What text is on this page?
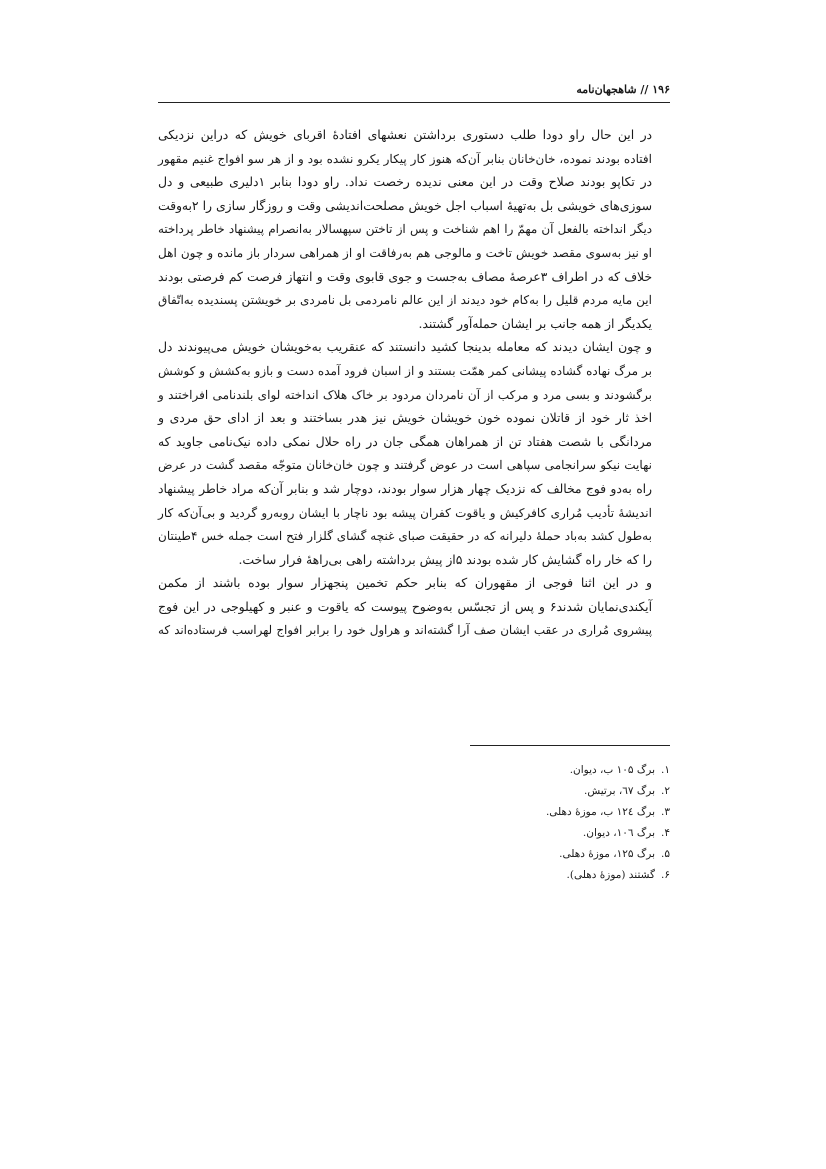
۱۹۶ // شاهجهان‌نامه
در این حال راو دودا طلب دستوری برداشتن نعشهای افتادهٔ اقربای خویش که دراین نزدیکی
افتاده بودند نموده، خان‌خانان بنابر آن‌که هنوز کار پیکار یکرو نشده بود و از هر سو افواج غنیم مقهور
در تکاپو بودند صلاح وقت در این معنی ندیده رخصت نداد. راو دودا بنابر ۱دلیری طبیعی و دل
سوزی‌های خویشی بل به‌تهیهٔ اسباب اجل خویش مصلحت‌اندیشی وقت و روزگار سازی را ۲به‌وقت
دیگر انداخته بالفعل آن مهمّ را اهم شناخت و پس از تاختن سپهسالار به‌انصرام پیشنهاد خاطر پرداخته
او نیز به‌سوی مقصد خویش تاخت و مالوجی هم به‌رفاقت او از همراهی سردار باز مانده و چون اهل
خلاف که در اطراف ۳عرصهٔ مصاف به‌جست و جوی قابوی وقت و انتهاز فرصت کم فرصتی بودند
این مایه مردم قلیل را به‌کام خود دیدند از این عالم نامردمی بل نامردی بر خویشتن پسندیده به‌اتّفاق
یکدیگر از همه جانب بر ایشان حمله‌آور گشتند.
و چون ایشان دیدند که معامله بدینجا کشید دانستند که عنقریب به‌خویشان خویش می‌پیوندند دل
بر مرگ نهاده گشاده پیشانی کمر همّت بستند و از اسبان فرود آمده دست و بازو به‌کشش و کوشش
برگشودند و بسی مرد و مرکب از آن نامردان مردود بر خاک هلاک انداخته لوای بلندنامی افراختند و
اخذ ثار خود از قاتلان نموده خون خویشان خویش نیز هدر بساختند و بعد از ادای حق مردی و
مردانگی با شصت هفتاد تن از همراهان همگی جان در راه حلال نمکی داده نیک‌نامی جاوید که
نهایت نیکو سرانجامی سپاهی است در عوض گرفتند و چون خان‌خانان متوجّه مقصد گشت در عرض
راه به‌دو فوج مخالف که نزدیک چهار هزار سوار بودند، دوچار شد و بنابر آن‌که مراد خاطر پیشنهاد
اندیشهٔ تأدیب مُراری کافرکیش و یاقوت کفران پیشه بود ناچار با ایشان روبه‌رو گردید و بی‌آن‌که کار
به‌طول کشد به‌باد حملهٔ دلیرانه که در حقیقت صبای غنچه گشای گلزار فتح است جمله خس ۴طینتان
را که خار راه گشایش کار شده بودند ۵از پیش برداشته راهی بی‌راههٔ فرار ساخت.
و در این اثنا فوجی از مقهوران که بنابر حکم تخمین پنجهزار سوار بوده باشند از مکمن
آیکندی‌نمایان شدند۶ و پس از تجسّس به‌وضوح پیوست که یاقوت و عنبر و کهیلوجی در این فوج
پیشروی مُراری در عقب ایشان صف آرا گشته‌اند و هراول خود را برابر افواج لهراسب فرستاده‌اند که
۱.برگ ۱۰۵ ب، دیوان.
۲.برگ ٦٧، برتیش.
۳.برگ ۱۲٤ ب، موزهٔ دهلی.
۴.برگ ۱۰٦، دیوان.
۵.برگ ۱۲۵، موزهٔ دهلی.
۶.گشتند (موزهٔ دهلی).
